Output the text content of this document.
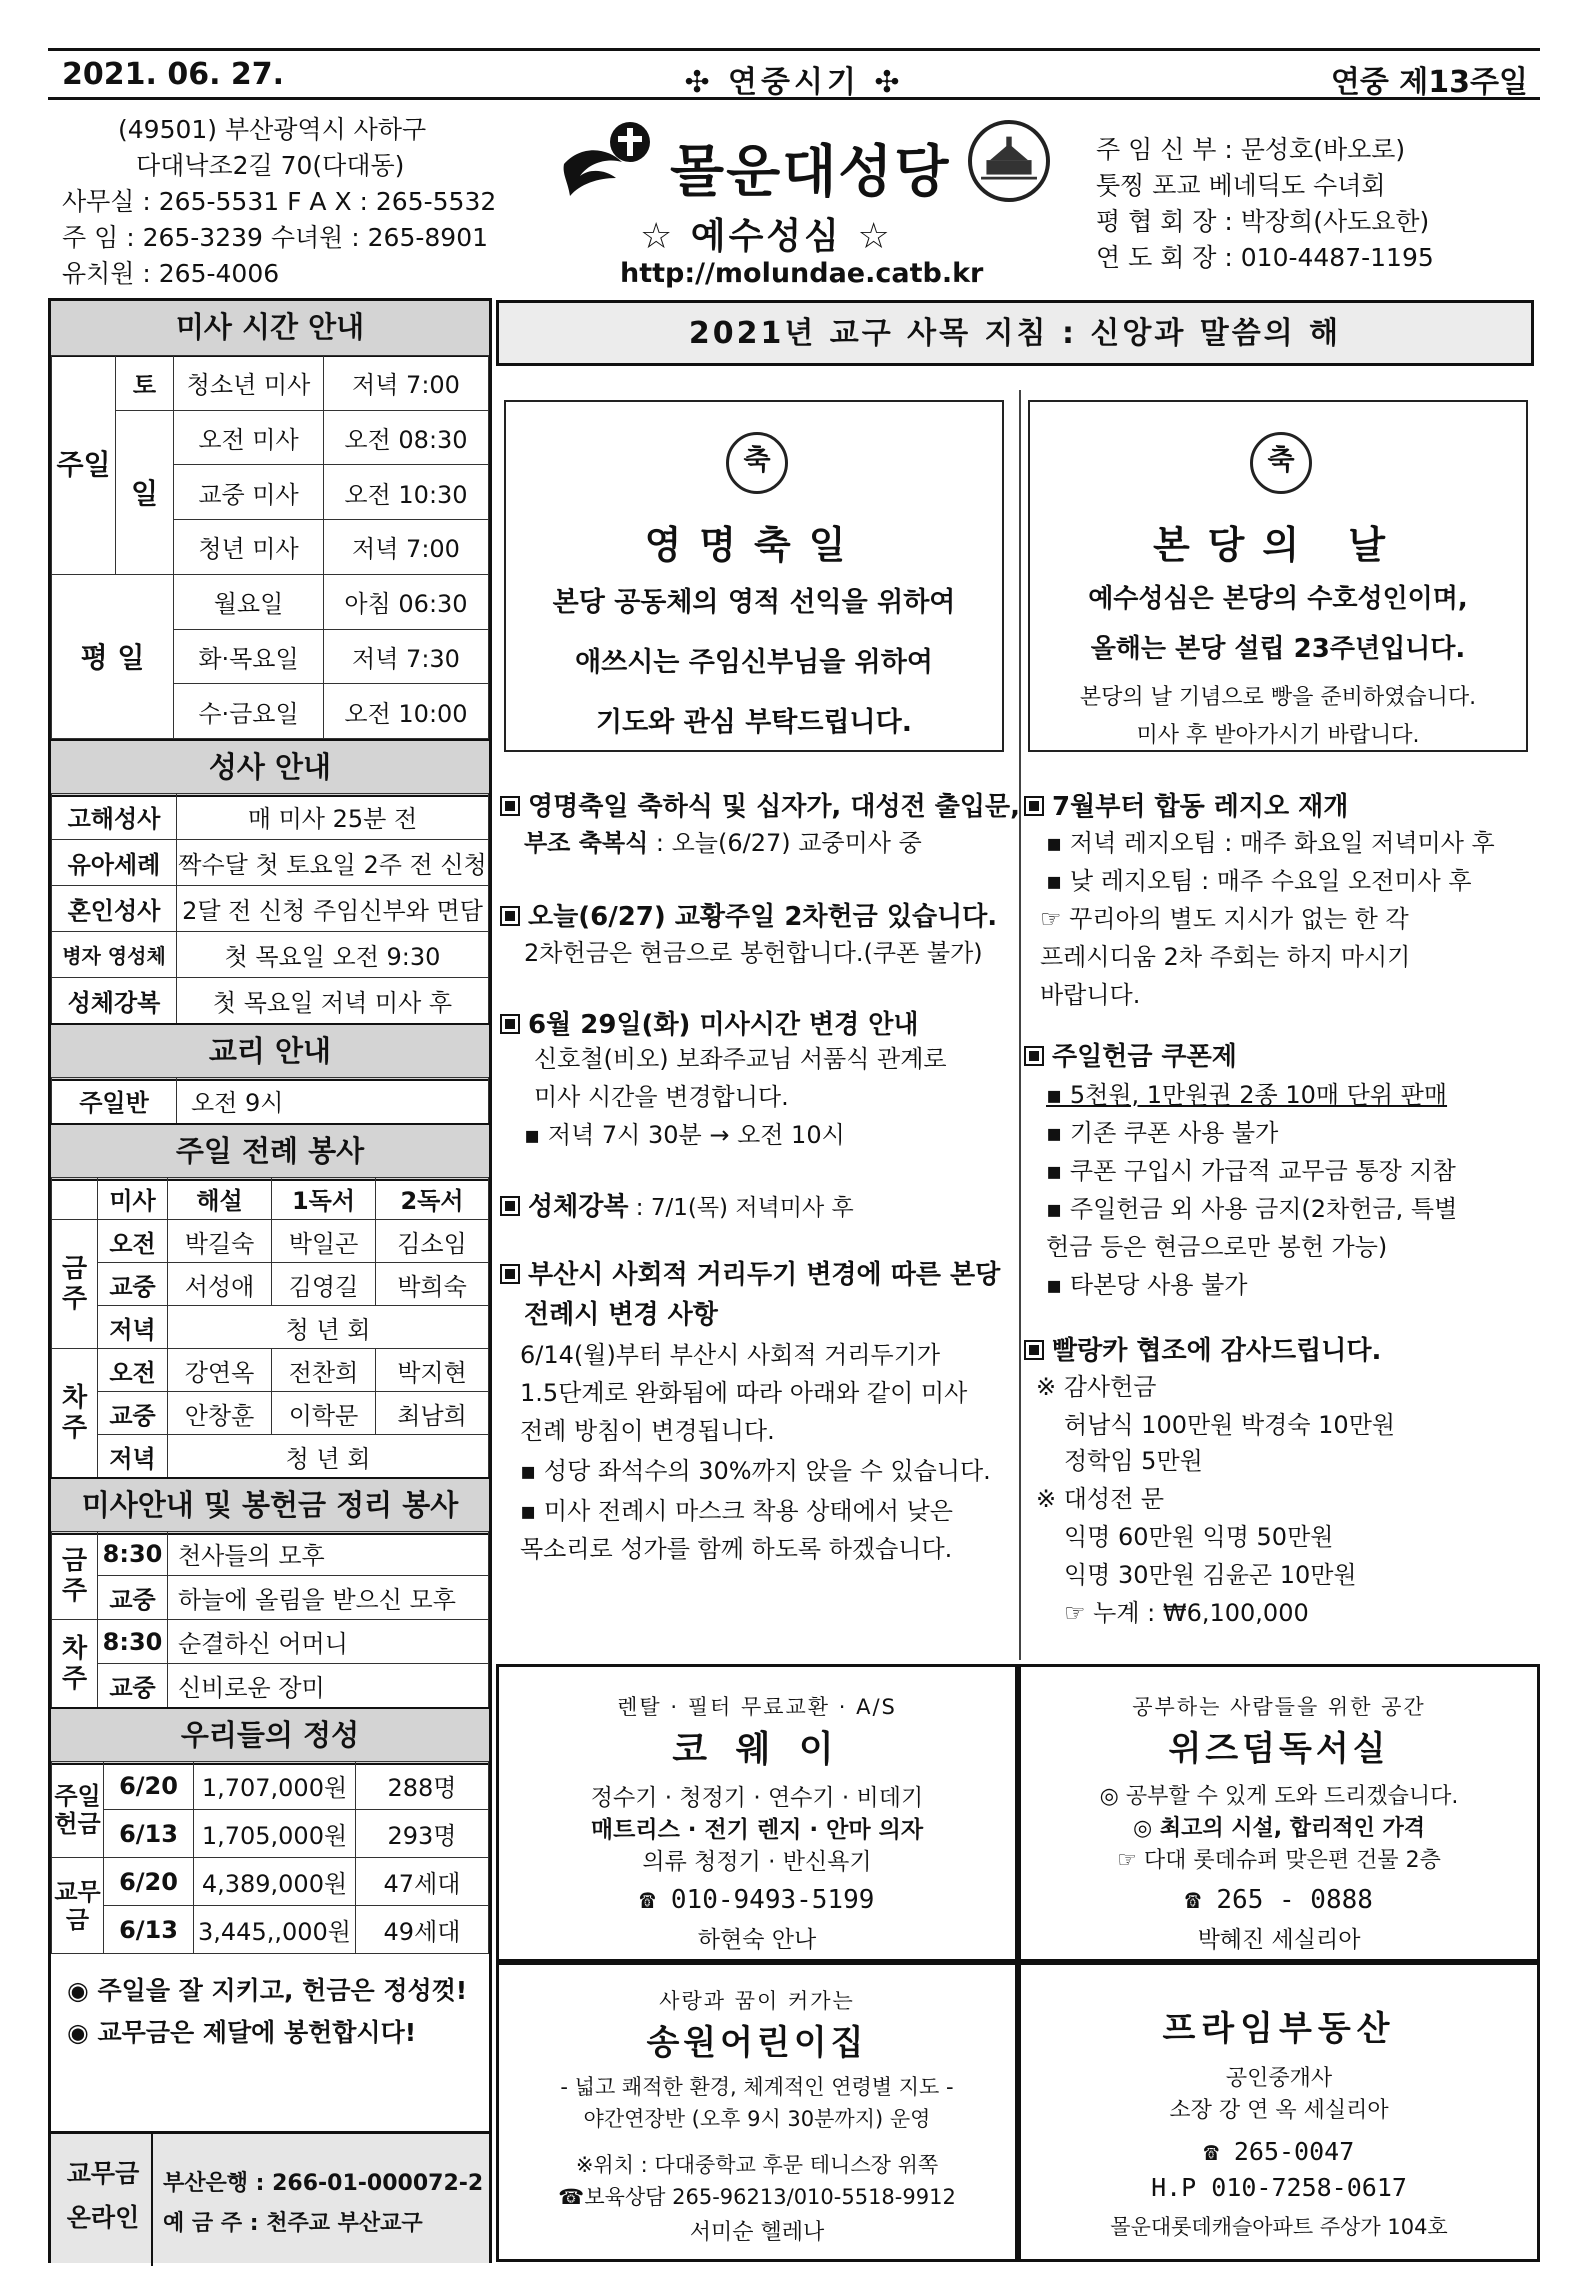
2021. 06. 27.	✣ 연중시기 ✣	연중 제13주일
(49501) 부산광역시 사하구
다대낙조2길 70(다대동)
사무실 : 265-5531 F A X : 265-5532
주 임 : 265-3239 수녀원 : 265-8901
유치원 : 265-4006
몰운대성당
☆ 예수성심 ☆
http://molundae.catb.kr
주 임 신 부 : 문성호(바오로)
툿찡 포교 베네딕도 수녀회
평 협 회 장 : 박장희(사도요한)
연 도 회 장 : 010-4487-1195
미사 시간 안내
주일	토	청소년 미사	저녁 7:00
	일	오전 미사	오전 08:30
		교중 미사	오전 10:30
		청년 미사	저녁 7:00
평 일		월요일	아침 06:30
		화·목요일	저녁 7:30
		수·금요일	오전 10:00
성사 안내
고해성사	매 미사 25분 전
유아세례	짝수달 첫 토요일 2주 전 신청
혼인성사	2달 전 신청 주임신부와 면담
병자 영성체	첫 목요일 오전 9:30
성체강복	첫 목요일 저녁 미사 후
교리 안내
주일반	오전 9시
주일 전례 봉사
	미사	해설	1독서	2독서
금주	오전	박길숙	박일곤	김소임
	교중	서성애	김영길	박희숙
	저녁	청 년 회		
차주	오전	강연옥	전찬희	박지현
	교중	안창훈	이학문	최남희
	저녁	청 년 회		
미사안내 및 봉헌금 정리 봉사
금주	8:30	천사들의 모후
	교중	하늘에 올림을 받으신 모후
차주	8:30	순결하신 어머니
	교중	신비로운 장미
우리들의 정성
주일헌금	6/20	1,707,000원	288명
	6/13	1,705,000원	293명
교무금	6/20	4,389,000원	47세대
	6/13	3,445,,000원	49세대
◉ 주일을 잘 지키고, 헌금은 정성껏!
◉ 교무금은 제달에 봉헌합시다!
교무금 온라인
부산은행 : 266-01-000072-2
예 금 주 : 천주교 부산교구
2021년 교구 사목 지침 : 신앙과 말씀의 해
축
영명축일
본당 공동체의 영적 선익을 위하여
애쓰시는 주임신부님을 위하여
기도와 관심 부탁드립니다.
축
본당의 날
예수성심은 본당의 수호성인이며,
올해는 본당 설립 23주년입니다.
본당의 날 기념으로 빵을 준비하였습니다.
미사 후 받아가시기 바랍니다.
영명축일 축하식 및 십자가, 대성전 출입문,
부조 축복식 : 오늘(6/27) 교중미사 중
오늘(6/27) 교황주일 2차헌금 있습니다.
2차헌금은 현금으로 봉헌합니다.(쿠폰 불가)
6월 29일(화) 미사시간 변경 안내
신호철(비오) 보좌주교님 서품식 관계로
미사 시간을 변경합니다.
▪ 저녁 7시 30분 → 오전 10시
성체강복 : 7/1(목) 저녁미사 후
부산시 사회적 거리두기 변경에 따른 본당
전례시 변경 사항
6/14(월)부터 부산시 사회적 거리두기가
1.5단계로 완화됨에 따라 아래와 같이 미사
전례 방침이 변경됩니다.
▪ 성당 좌석수의 30%까지 앉을 수 있습니다.
▪ 미사 전례시 마스크 착용 상태에서 낮은
목소리로 성가를 함께 하도록 하겠습니다.
7월부터 합동 레지오 재개
▪ 저녁 레지오팀 : 매주 화요일 저녁미사 후
▪ 낮 레지오팀 : 매주 수요일 오전미사 후
☞ 꾸리아의 별도 지시가 없는 한 각
프레시디움 2차 주회는 하지 마시기
바랍니다.
주일헌금 쿠폰제
▪ 5천원, 1만원권 2종 10매 단위 판매
▪ 기존 쿠폰 사용 불가
▪ 쿠폰 구입시 가급적 교무금 통장 지참
▪ 주일헌금 외 사용 금지(2차헌금, 특별
헌금 등은 현금으로만 봉헌 가능)
▪ 타본당 사용 불가
빨랑카 협조에 감사드립니다.
※ 감사헌금
허남식 100만원 박경숙 10만원
정학임 5만원
※ 대성전 문
익명 60만원 익명 50만원
익명 30만원 김윤곤 10만원
☞ 누계 : ₩6,100,000
렌탈 · 필터 무료교환 · A/S
코 웨 이
정수기 · 청정기 · 연수기 · 비데기
매트리스 · 전기 렌지 · 안마 의자
의류 청정기 · 반신욕기
☎ 010-9493-5199
하현숙 안나
공부하는 사람들을 위한 공간
위즈덤독서실
◎ 공부할 수 있게 도와 드리겠습니다.
◎ 최고의 시설, 합리적인 가격
☞ 다대 롯데슈퍼 맞은편 건물 2층
☎ 265 - 0888
박혜진 세실리아
사랑과 꿈이 커가는
송원어린이집
- 넓고 쾌적한 환경, 체계적인 연령별 지도 -
야간연장반 (오후 9시 30분까지) 운영
※위치 : 다대중학교 후문 테니스장 위쪽
☎보육상담 265-96213/010-5518-9912
서미순 헬레나
프라임부동산
공인중개사
소장 강 연 옥 세실리아
☎ 265-0047
H.P 010-7258-0617
몰운대롯데캐슬아파트 주상가 104호
